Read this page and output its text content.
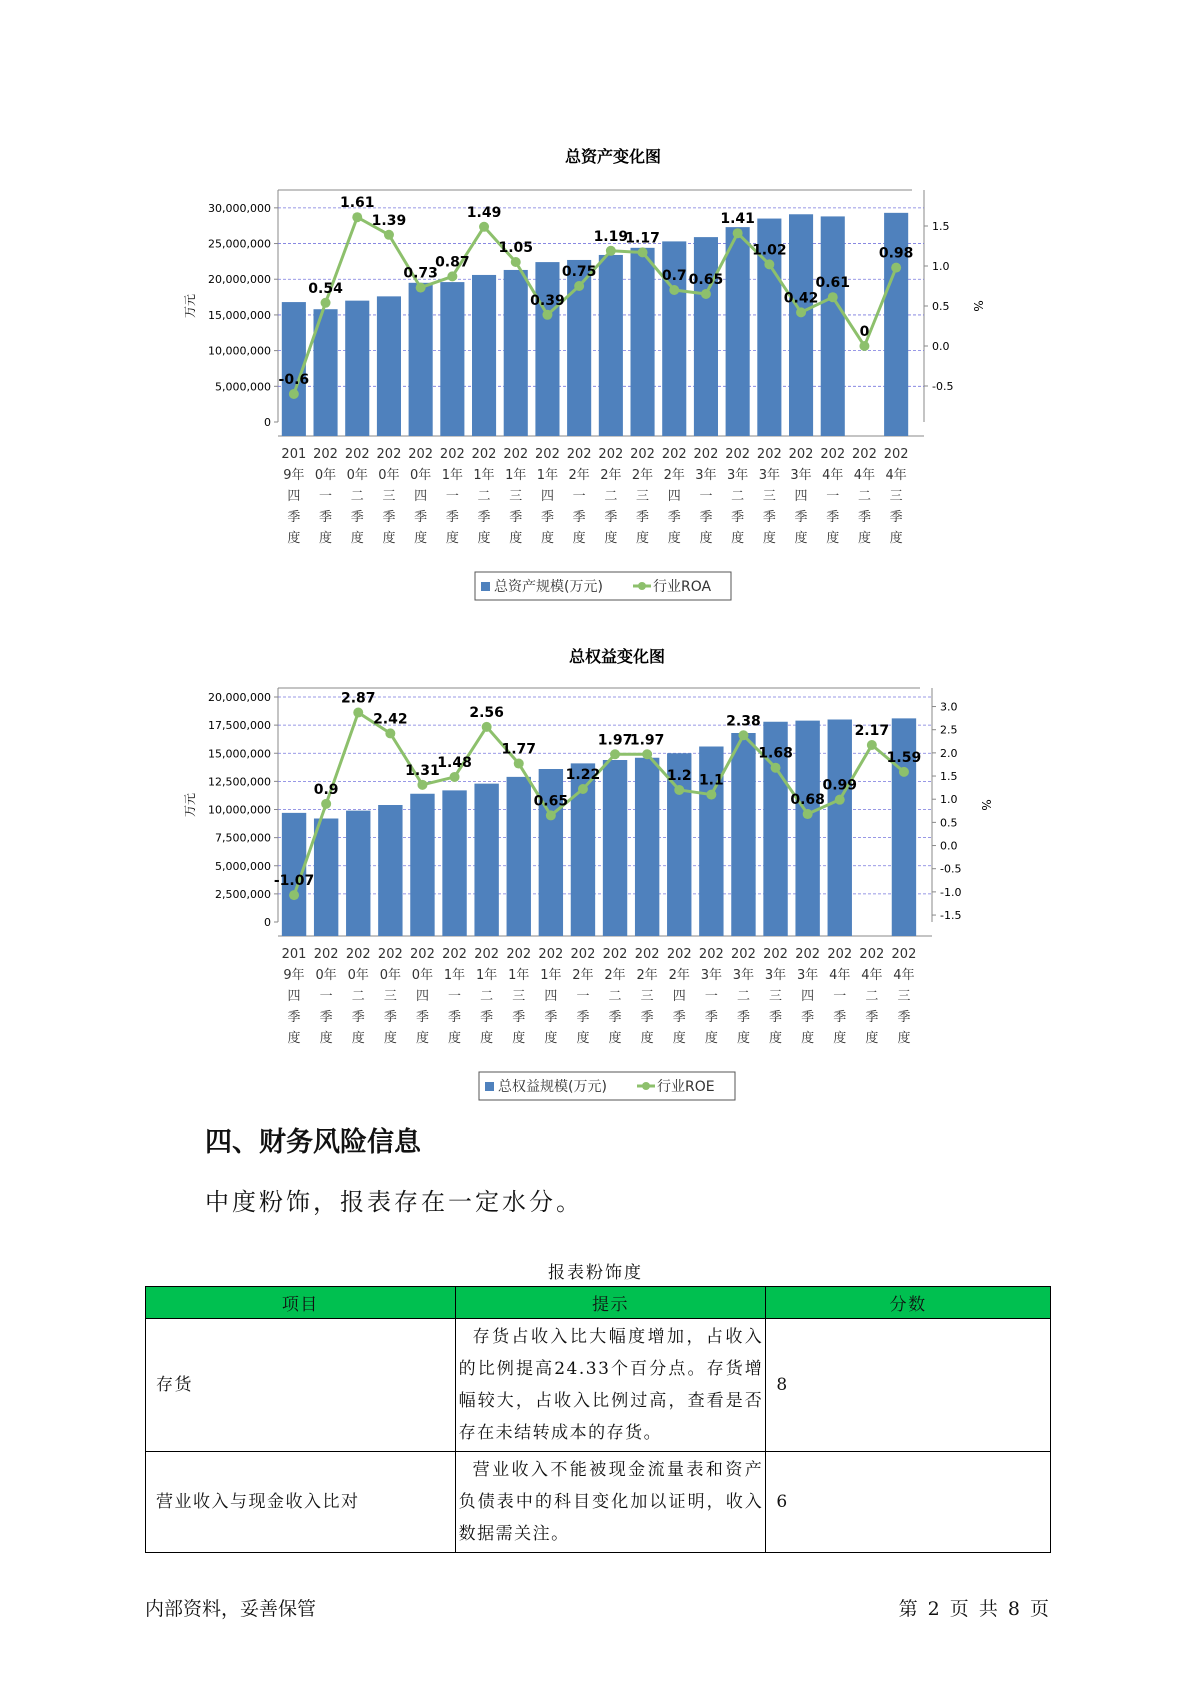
总资产变化图
0
5,000,000
10,000,000
15,000,000
20,000,000
25,000,000
30,000,000
-0.5
0.0
0.5
1.0
1.5
万元	%
-0.6
0.54
1.61
1.39
0.73
0.87
1.49
1.05
0.39
0.75
1.19
1.17
0.7 0.65
1.41
1.02
0.42
0.61
0
0.98
201 9年四季度
202 0年一季度
202 0年二季度
202 0年三季度
202 0年四季度
202 1年一季度
202 1年二季度
202 1年三季度
202 1年四季度
202 2年一季度
202 2年二季度
202 2年三季度
202 2年四季度
202 3年一季度
202 3年二季度
202 3年三季度
202 3年四季度
202 4年一季度
202 4年二季度
202 4年三季度
总资产规模(万元)	行业ROA
总权益变化图
0
2,500,000
5,000,000
7,500,000
10,000,000
12,500,000
15,000,000
17,500,000
20,000,000
-1.5
-1.0
-0.5
0.0
0.5
1.0
1.5
2.0
2.5
3.0
万元	%
-1.07
0.9
2.87
2.42
1.31
1.48
2.56
1.77
0.65
1.22
1.97
1.97
1.2 1.1
2.38
1.68
0.68
0.99
2.17
1.59
201 9年四季度
202 0年一季度
202 0年二季度
202 0年三季度
202 0年四季度
202 1年一季度
202 1年二季度
202 1年三季度
202 1年四季度
202 2年一季度
202 2年二季度
202 2年三季度
202 2年四季度
202 3年一季度
202 3年二季度
202 3年三季度
202 3年四季度
202 4年一季度
202 4年二季度
202 4年三季度
总权益规模(万元)	行业ROE
四、财务风险信息
中度粉饰，报表存在一定水分。
报表粉饰度
项目	提示	分数
存货	存货占收入比大幅度增加，占收入的比例提高24.33个百分点。存货增幅较大，占收入比例过高，查看是否存在未结转成本的存货。	8
营业收入与现金收入比对	营业收入不能被现金流量表和资产负债表中的科目变化加以证明，收入数据需关注。	6
内部资料，妥善保管	第 2 页 共 8 页
